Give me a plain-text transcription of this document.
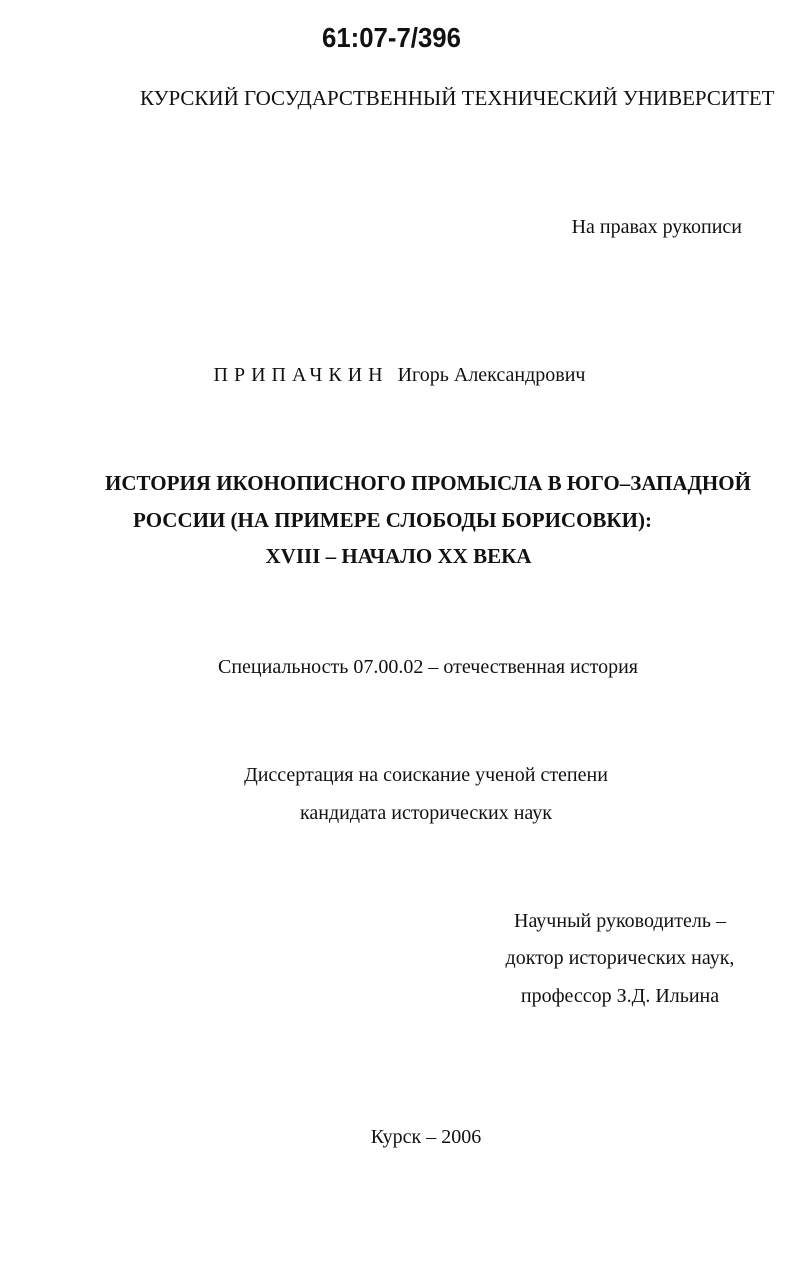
61:07-7/396
КУРСКИЙ ГОСУДАРСТВЕННЫЙ ТЕХНИЧЕСКИЙ УНИВЕРСИТЕТ
На правах рукописи
ПРИПАЧКИН Игорь Александрович
ИСТОРИЯ ИКОНОПИСНОГО ПРОМЫСЛА В ЮГО–ЗАПАДНОЙ
РОССИИ (НА ПРИМЕРЕ СЛОБОДЫ БОРИСОВКИ):
XVIII – НАЧАЛО XX ВЕКА
Специальность 07.00.02 – отечественная история
Диссертация на соискание ученой степени
кандидата исторических наук
Научный руководитель –
доктор исторических наук,
профессор З.Д. Ильина
Курск – 2006
